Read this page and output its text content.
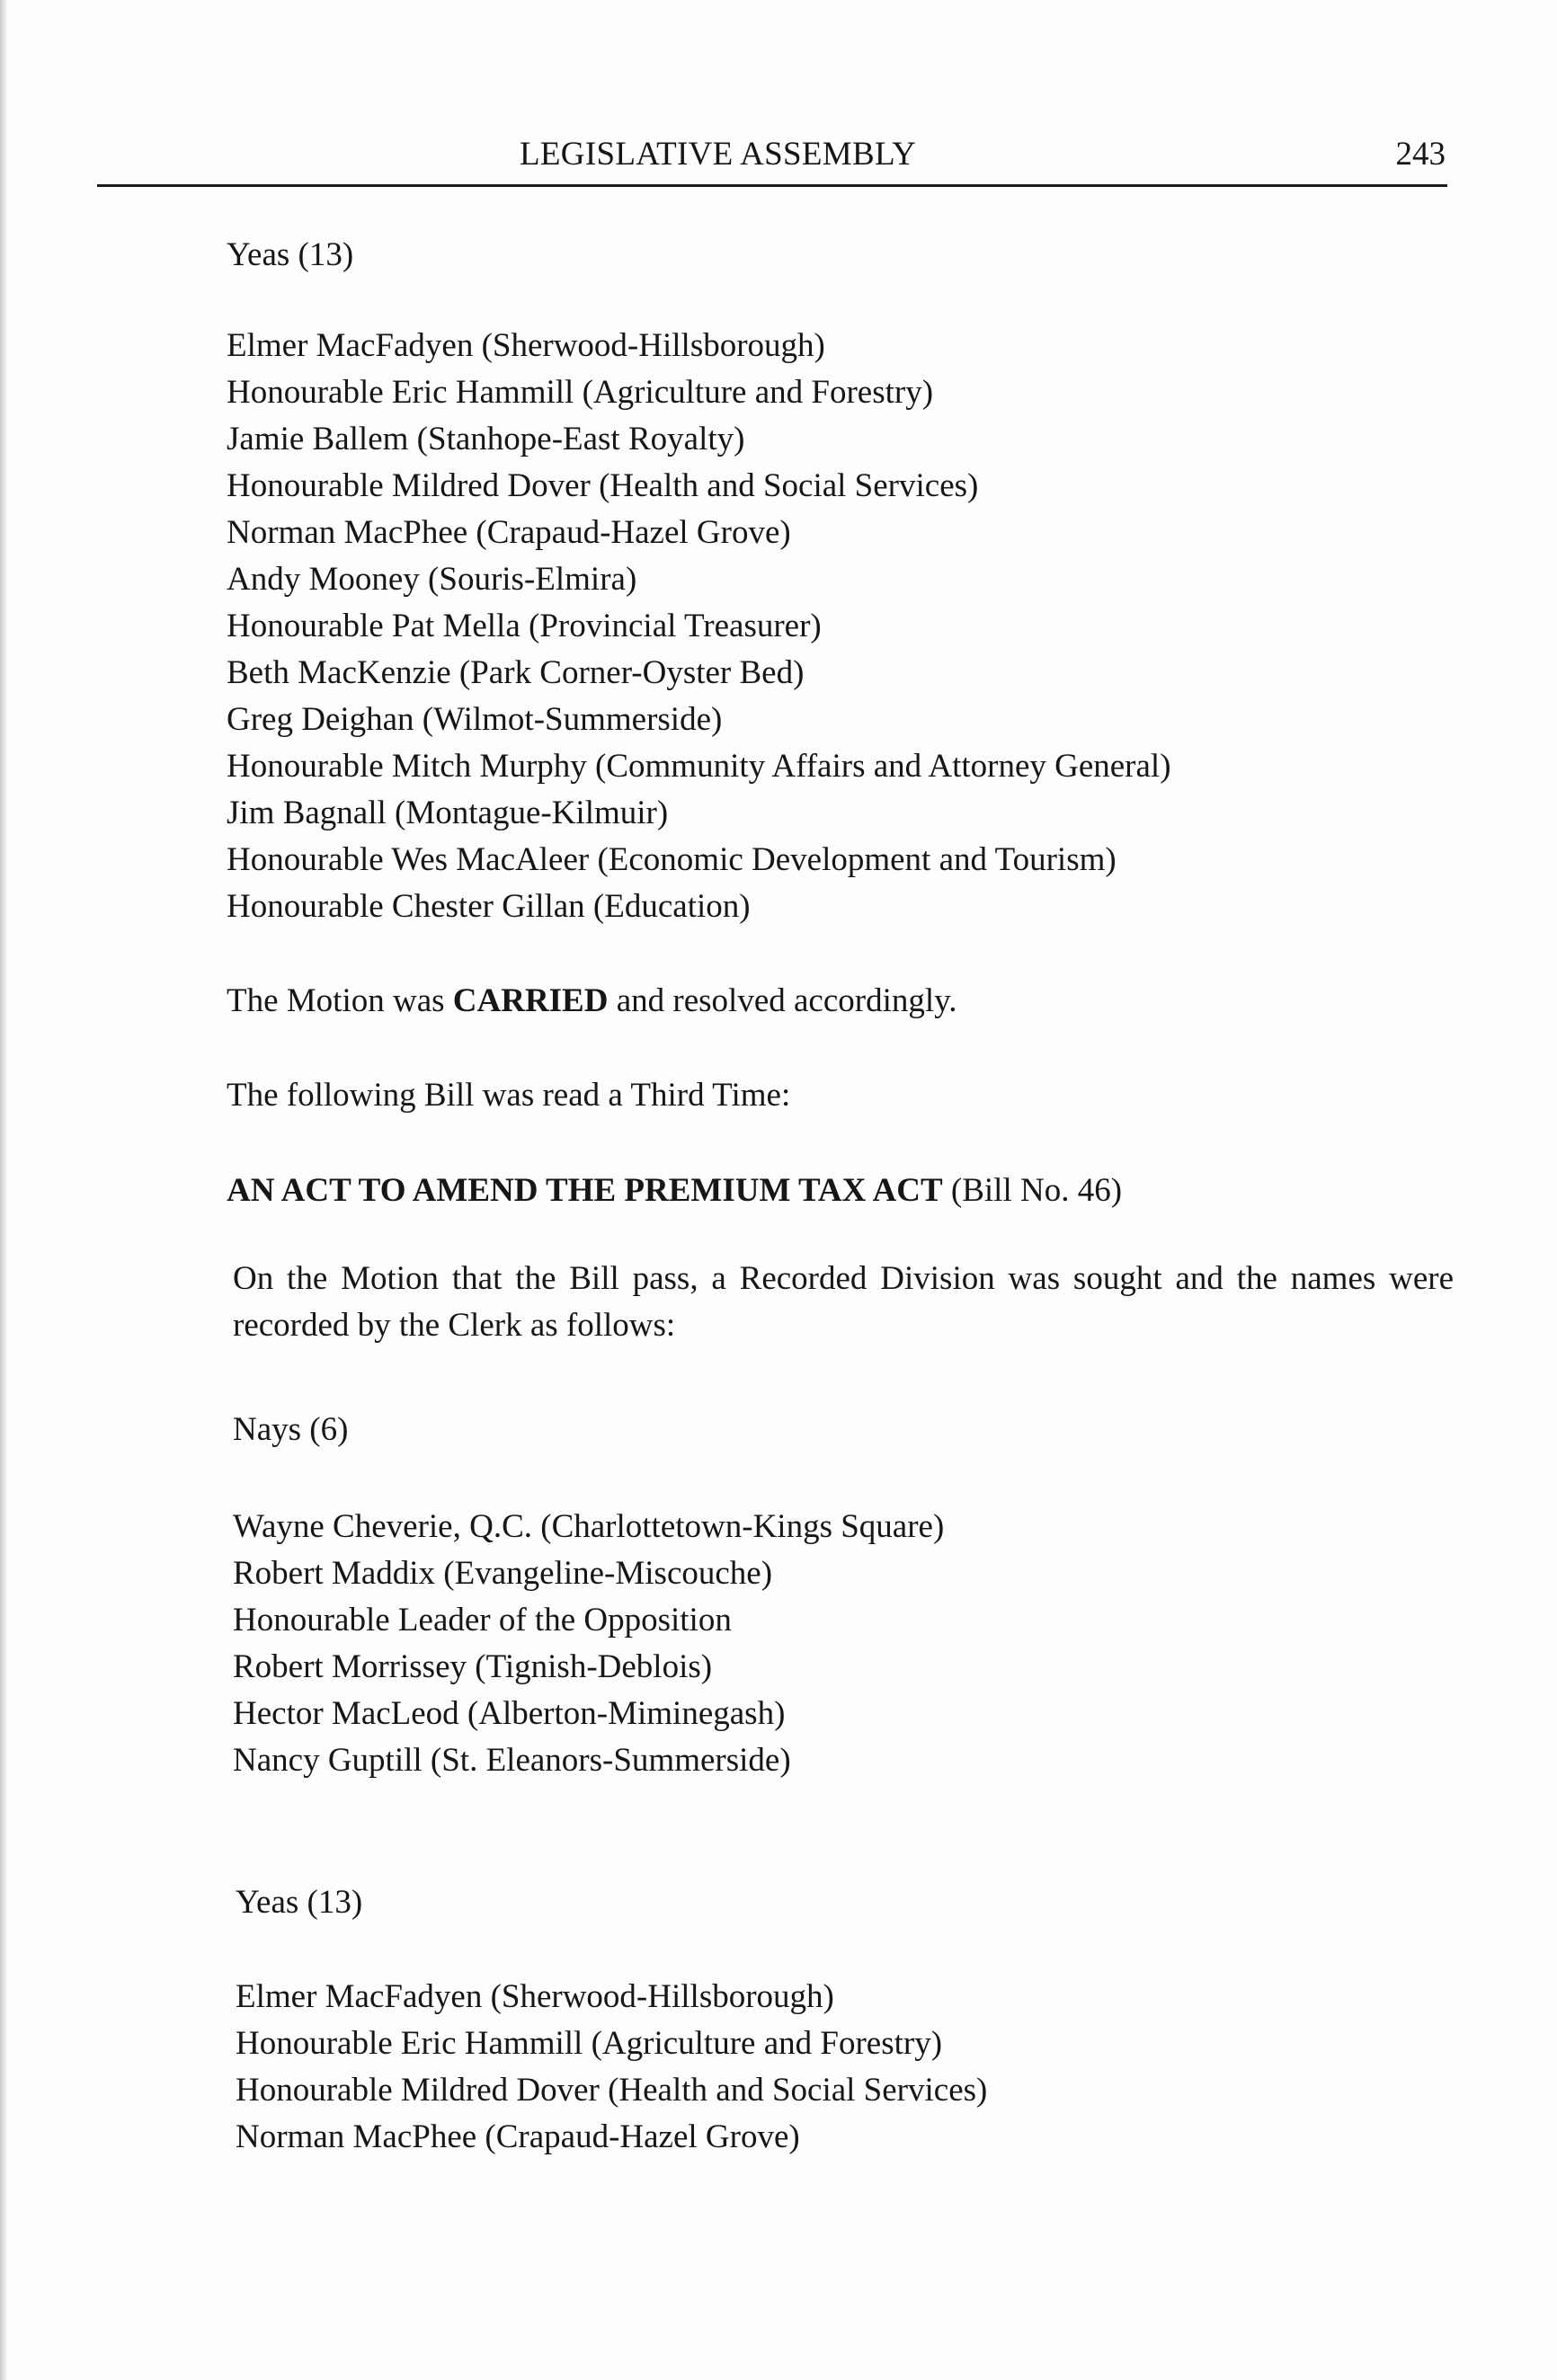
LEGISLATIVE ASSEMBLY	243
Yeas (13)
Elmer MacFadyen (Sherwood-Hillsborough)
Honourable Eric Hammill (Agriculture and Forestry)
Jamie Ballem (Stanhope-East Royalty)
Honourable Mildred Dover (Health and Social Services)
Norman MacPhee (Crapaud-Hazel Grove)
Andy Mooney (Souris-Elmira)
Honourable Pat Mella (Provincial Treasurer)
Beth MacKenzie (Park Corner-Oyster Bed)
Greg Deighan (Wilmot-Summerside)
Honourable Mitch Murphy (Community Affairs and Attorney General)
Jim Bagnall (Montague-Kilmuir)
Honourable Wes MacAleer (Economic Development and Tourism)
Honourable Chester Gillan (Education)
The Motion was CARRIED and resolved accordingly.
The following Bill was read a Third Time:
AN ACT TO AMEND THE PREMIUM TAX ACT (Bill No. 46)
On the Motion that the Bill pass, a Recorded Division was sought and the names were recorded by the Clerk as follows:
Nays (6)
Wayne Cheverie, Q.C. (Charlottetown-Kings Square)
Robert Maddix (Evangeline-Miscouche)
Honourable Leader of the Opposition
Robert Morrissey (Tignish-Deblois)
Hector MacLeod (Alberton-Miminegash)
Nancy Guptill (St. Eleanors-Summerside)
Yeas (13)
Elmer MacFadyen (Sherwood-Hillsborough)
Honourable Eric Hammill (Agriculture and Forestry)
Honourable Mildred Dover (Health and Social Services)
Norman MacPhee (Crapaud-Hazel Grove)
